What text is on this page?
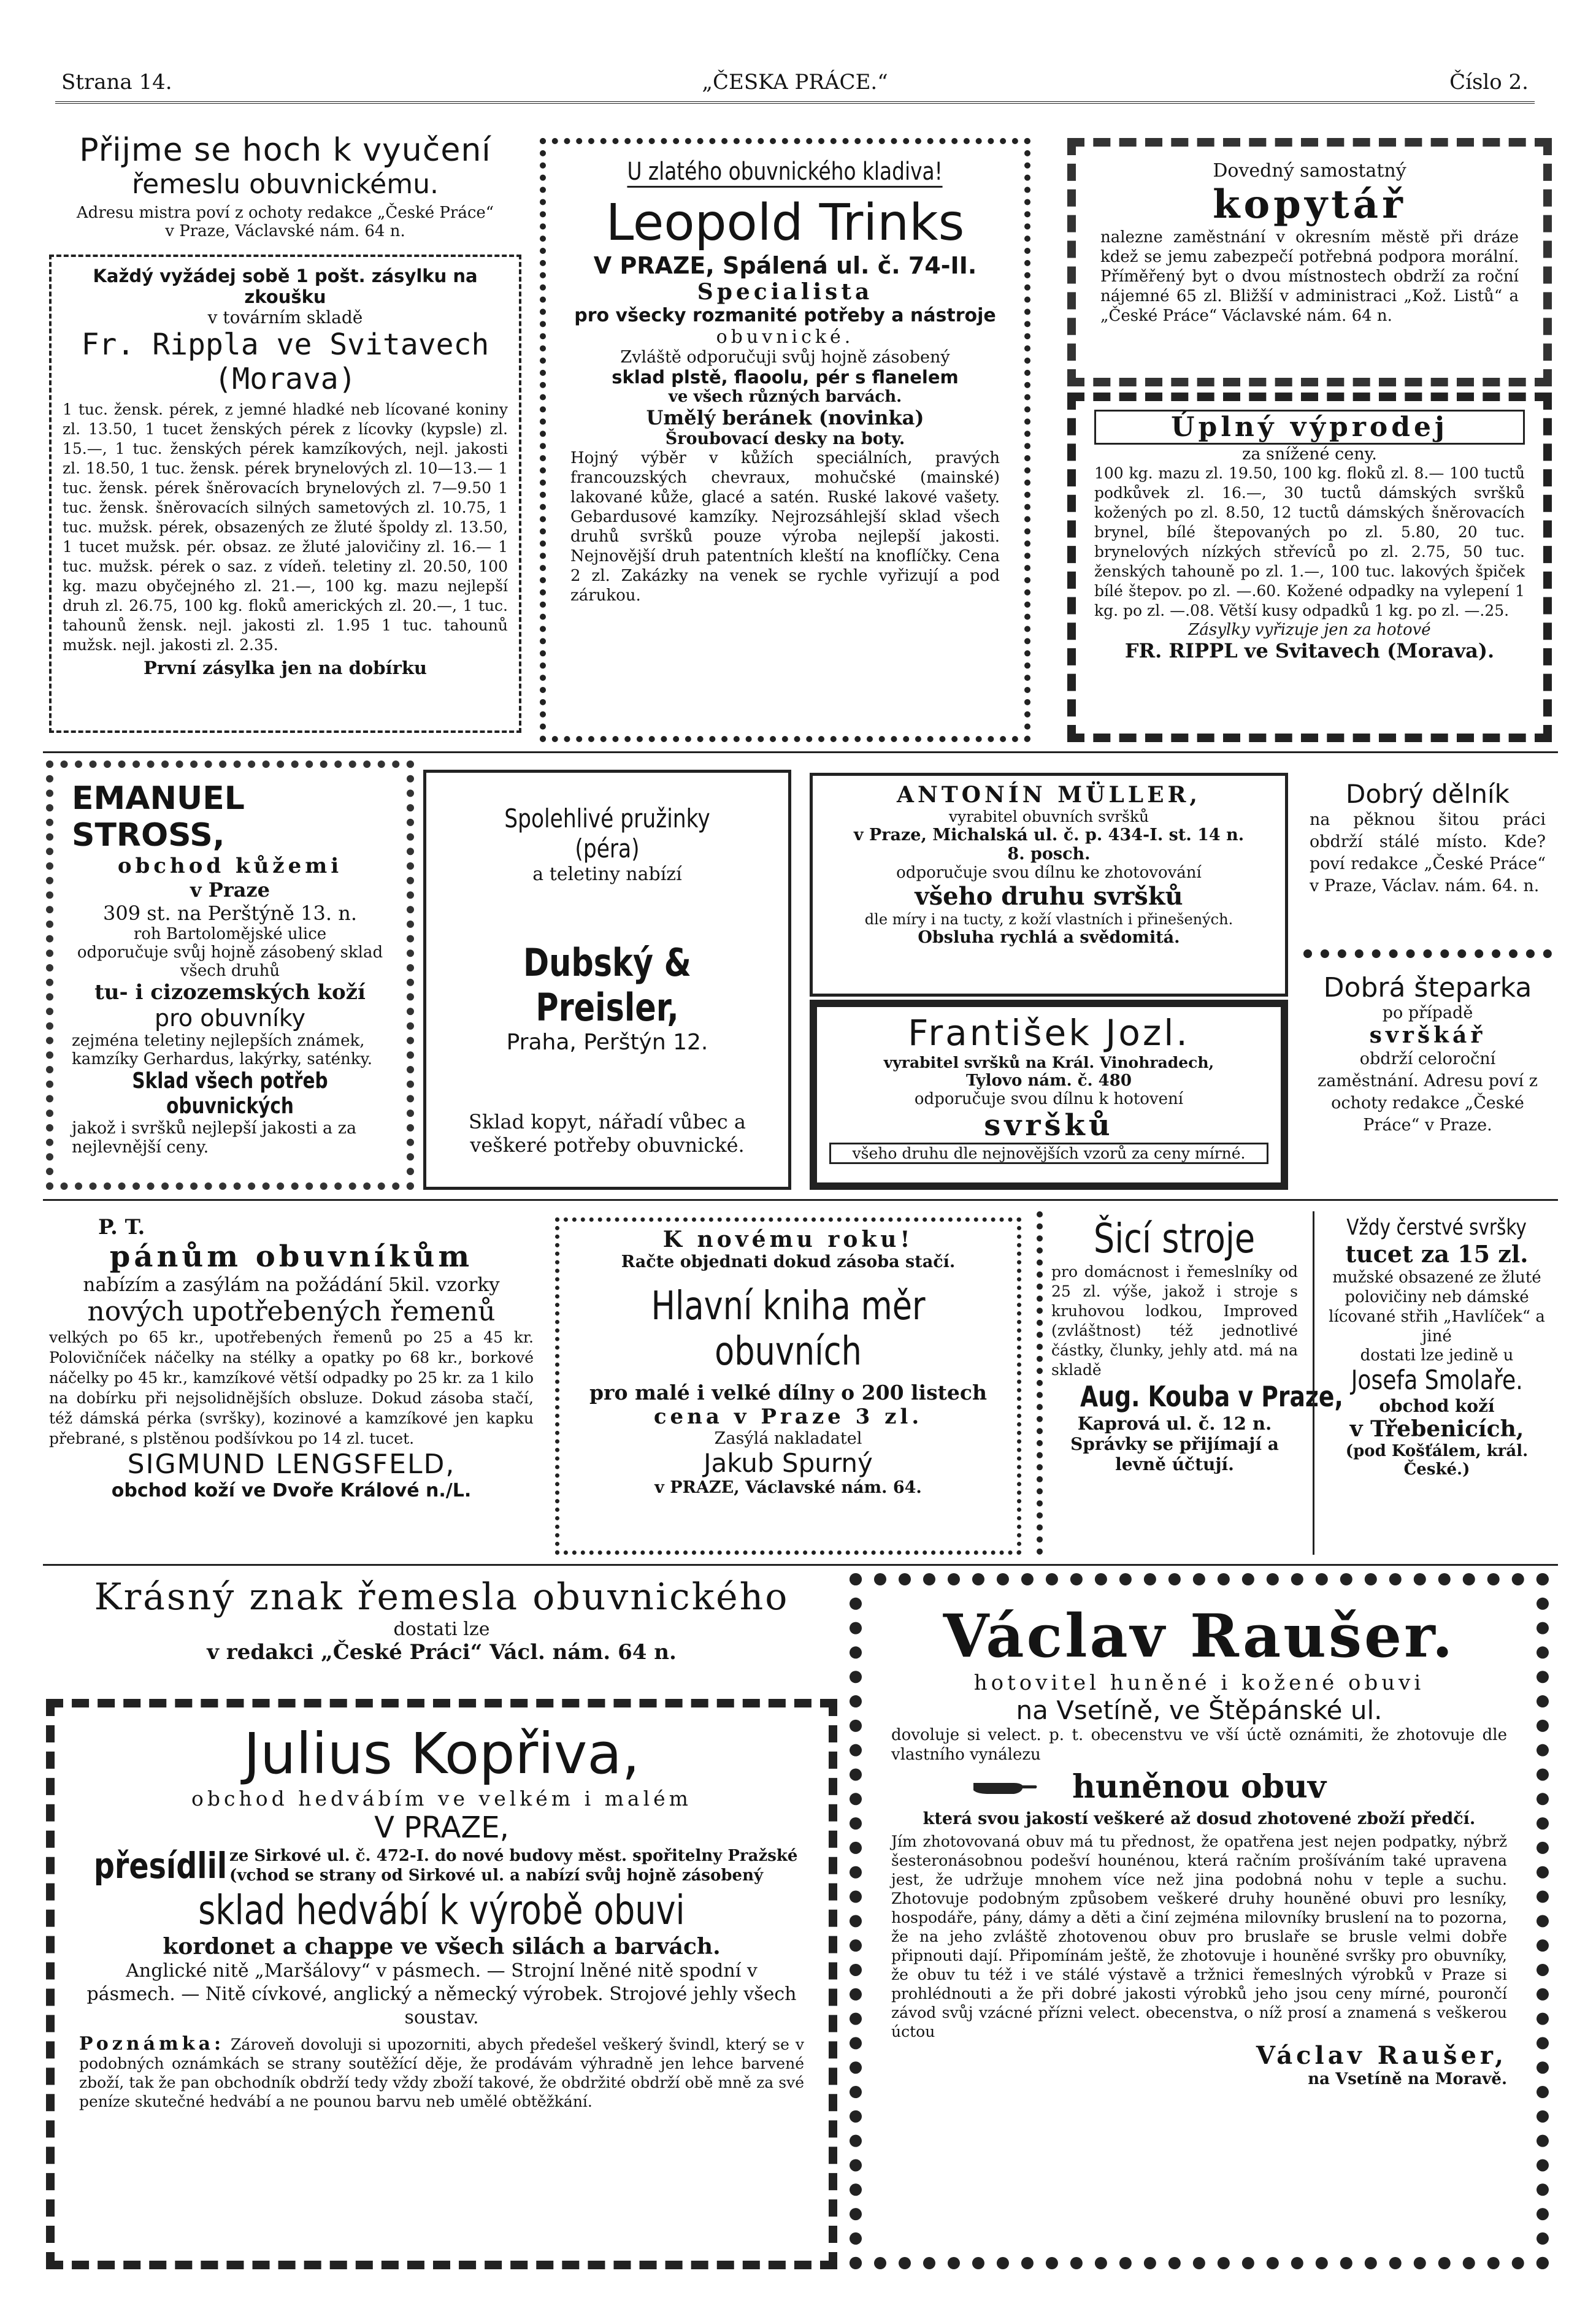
Strana 14.	„ČESKA PRÁCE.“	Číslo 2.

Přijme se hoch k vyučení

řemeslu obuvnickému.

Adresu mistra poví z ochoty redakce „České Práce“ v Praze, Václavské nám. 64 n.

Každý vyžádej sobě 1 pošt. zásylku na zkoušku

v továrním skladě

Fr. Rippla ve Svitavech (Morava)

1 tuc. žensk. pérek, z jemné hladké neb lícované koniny zl. 13.50, 1 tucet ženských pérek z lícovky (kypsle) zl. 15.—, 1 tuc. ženských pérek kamzíkových, nejl. jakosti zl. 18.50, 1 tuc. žensk. pérek brynelových zl. 10—13.— 1 tuc. žensk. pérek šněrovacích brynelových zl. 7—9.50 1 tuc. žensk. šněrovacích silných sametových zl. 10.75, 1 tuc. mužsk. pérek, obsazených ze žluté špoldy zl. 13.50, 1 tucet mužsk. pér. obsaz. ze žluté jalovičiny zl. 16.— 1 tuc. mužsk. pérek o saz. z vídeň. teletiny zl. 20.50, 100 kg. mazu obyčejného zl. 21.—, 100 kg. mazu nejlepší druh zl. 26.75, 100 kg. floků amerických zl. 20.—, 1 tuc. tahounů žensk. nejl. jakosti zl. 1.95 1 tuc. tahounů mužsk. nejl. jakosti zl. 2.35.

První zásylka jen na dobírku

U zlatého obuvnického kladiva!

Leopold Trinks

V PRAZE, Spálená ul. č. 74-II.

Specialista

pro všecky rozmanité potřeby a nástroje

obuvnické.

Zvláště odporučuji svůj hojně zásobený

sklad plstě, flaoolu, pér s flanelem

ve všech různých barvách.

Umělý beránek (novinka)

Šroubovací desky na boty.

Hojný výběr v kůžích speciálních, pravých francouzských chevraux, mohučské (mainské) lakované kůže, glacé a satén. Ruské lakové vašety. Gebardusové kamzíky. Nejrozsáhlejší sklad všech druhů svršků pouze výroba nejlepší jakosti. Nejnovější druh patentních kleští na knoflíčky. Cena 2 zl. Zakázky na venek se rychle vyřizují a pod zárukou.

Dovedný samostatný

kopytář

nalezne zaměstnání v okresním městě při dráze kdež se jemu zabezpečí potřebná podpora morální. Příměřený byt o dvou místnostech obdrží za roční nájemné 65 zl. Bližší v administraci „Kož. Listů“ a „České Práce“ Václavské nám. 64 n.

Úplný výprodej

za snížené ceny.

100 kg. mazu zl. 19.50, 100 kg. floků zl. 8.— 100 tuctů podkůvek zl. 16.—, 30 tuctů dámských svršků kožených po zl. 8.50, 12 tuctů dámských šněrovacích brynel, bílé štepovaných po zl. 5.80, 20 tuc. brynelových nízkých střevíců po zl. 2.75, 50 tuc. ženských tahouně po zl. 1.—, 100 tuc. lakových špiček bílé štepov. po zl. —.60. Kožené odpadky na vylepení 1 kg. po zl. —.08. Větší kusy odpadků 1 kg. po zl. —.25.

Zásylky vyřizuje jen za hotové

FR. RIPPL ve Svitavech (Morava).

EMANUEL STROSS,

obchod kůžemi

v Praze

309 st. na Perštýně 13. n.

roh Bartolomějské ulice

odporučuje svůj hojně zásobený sklad všech druhů

tu- i cizozemských koží

pro obuvníky

zejména teletiny nejlepších známek, kamzíky Gerhardus, lakýrky, saténky.

Sklad všech potřeb obuvnických

jakož i svršků nejlepší jakosti a za nejlevnější ceny.

Spolehlivé pružinky (péra)

a teletiny nabízí

Dubský & Preisler,

Praha, Perštýn 12.

Sklad kopyt, nářadí vůbec a veškeré potřeby obuvnické.

ANTONÍN MÜLLER,

vyrabitel obuvních svršků

v Praze, Michalská ul. č. p. 434-I. st. 14 n.

8. posch.

odporučuje svou dílnu ke zhotovování

všeho druhu svršků

dle míry i na tucty, z koží vlastních i přinešených.

Obsluha rychlá a svědomitá.

František Jozl.

vyrabitel svršků na Král. Vinohradech,

Tylovo nám. č. 480

odporučuje svou dílnu k hotovení

svršků

všeho druhu dle nejnovějších vzorů za ceny mírné.

Dobrý dělník

na pěknou šitou práci obdrží stálé místo. Kde? poví redakce „České Práce“ v Praze, Václav. nám. 64. n.

Dobrá šteparka

po případě

svrškář

obdrží celoroční zaměstnání. Adresu poví z ochoty redakce „České Práce“ v Praze.

P. T.

pánům obuvníkům

nabízím a zasýlám na požádání 5kil. vzorky

nových upotřebených řemenů

velkých po 65 kr., upotřebených řemenů po 25 a 45 kr. Polovičníček náčelky na stélky a opatky po 68 kr., borkové náčelky po 45 kr., kamzíkové větší odpadky po 25 kr. za 1 kilo na dobírku při nejsolidnějších obsluze. Dokud zásoba stačí, též dámská pérka (svršky), kozinové a kamzíkové jen kapku přebrané, s plstěnou podšívkou po 14 zl. tucet.

SIGMUND LENGSFELD,

obchod koží ve Dvoře Králové n./L.

K novému roku!

Račte objednati dokud zásoba stačí.

Hlavní kniha měr obuvních

pro malé i velké dílny o 200 listech

cena v Praze 3 zl.

Zasýlá nakladatel

Jakub Spurný

v PRAZE, Václavské nám. 64.

Šicí stroje

pro domácnost i řemeslníky od 25 zl. výše, jakož i stroje s kruhovou lodkou, Improved (zvláštnost) též jednotlivé částky, člunky, jehly atd. má na skladě

Aug. Kouba v Praze,

Kaprová ul. č. 12 n.

Správky se přijímají a levně účtují.

Vždy čerstvé svršky

tucet za 15 zl.

mužské obsazené ze žluté polovičiny neb dámské lícované střih „Havlíček“ a jiné

dostati lze jedině u

Josefa Smolaře.

obchod koží

v Třebenicích,

(pod Košťálem, král. České.)

Krásný znak řemesla obuvnického

dostati lze

v redakci „České Práci“ Václ. nám. 64 n.

Julius Kopřiva,

obchod hedvábím ve velkém i malém

V PRAZE,

přesídlil ze Sirkové ul. č. 472-I. do nové budovy měst. spořitelny Pražské (vchod se strany od Sirkové ul. a nabízí svůj hojně zásobený

sklad hedvábí k výrobě obuvi

kordonet a chappe ve všech silách a barvách.

Anglické nitě „Maršálovy“ v pásmech. — Strojní lněné nitě spodní v pásmech. — Nitě cívkové, anglický a německý výrobek. Strojové jehly všech soustav.

Poznámka: Zároveň dovoluji si upozorniti, abych předešel veškerý švindl, který se v podobných oznámkách se strany soutěžící děje, že prodávám výhradně jen lehce barvené zboží, tak že pan obchodník obdrží tedy vždy zboží takové, že obdržité obdrží obě mně za své peníze skutečné hedvábí a ne pounou barvu neb umělé obtěžkání.

Václav Raušer.

hotovitel huněné i kožené obuvi

na Vsetíně, ve Štěpánské ul.

dovoluje si velect. p. t. obecenstvu ve vší úctě oznámiti, že zhotovuje dle vlastního vynálezu

huněnou obuv

která svou jakostí veškeré až dosud zhotovené zboží předčí.

Jím zhotovovaná obuv má tu přednost, že opatřena jest nejen podpatky, nýbrž šesteronásobnou podešví hounénou, která račním prošíváním také upravena jest, že udržuje mnohem více než jina podobná nohu v teple a suchu. Zhotovuje podobným způsobem veškeré druhy houněné obuvi pro lesníky, hospodáře, pány, dámy a děti a činí zejména milovníky bruslení na to pozorna, že na jeho zvláště zhotovenou obuv pro bruslaře se brusle velmi dobře připnouti dají. Připomínám ještě, že zhotovuje i houněné svršky pro obuvníky, že obuv tu též i ve stálé výstavě a tržnici řemeslných výrobků v Praze si prohlédnouti a že při dobré jakosti výrobků jeho jsou ceny mírné, pourončí závod svůj vzácné přízni velect. obecenstva, o níž prosí a znamená s veškerou úctou

Václav Raušer,

na Vsetíně na Moravě.
